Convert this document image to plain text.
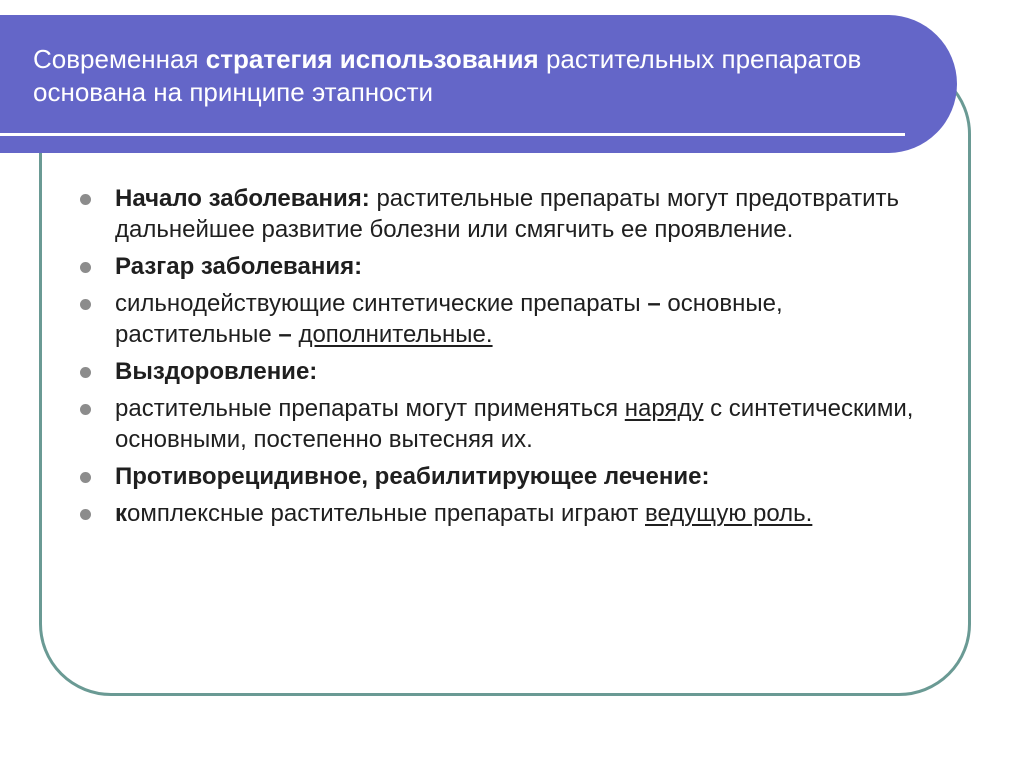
Современная стратегия использования растительных препаратов основана на принципе этапности
Начало заболевания: растительные препараты могут предотвратить дальнейшее развитие болезни или смягчить ее проявление.
Разгар заболевания:
сильнодействующие синтетические препараты – основные, растительные – дополнительные.
Выздоровление:
растительные препараты могут применяться наряду с синтетическими, основными, постепенно вытесняя их.
Противорецидивное, реабилитирующее лечение:
комплексные растительные препараты играют ведущую роль.
